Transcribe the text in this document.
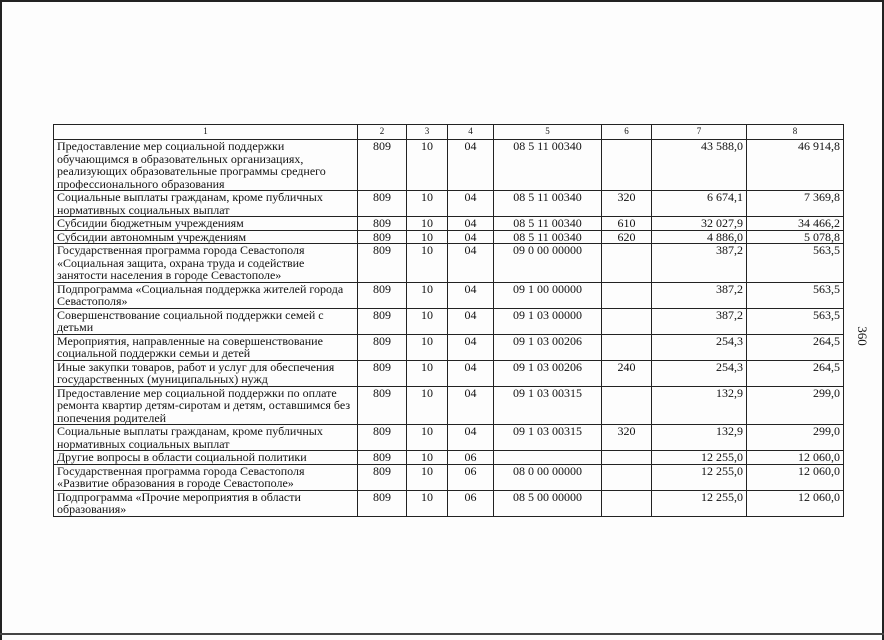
1	2	3	4	5	6	7	8
Предоставление мер социальной поддержки обучающимся в образовательных организациях, реализующих образовательные программы среднего профессионального образования	809	10	04	08 5 11 00340		43 588,0	46 914,8
Социальные выплаты гражданам, кроме публичных нормативных социальных выплат	809	10	04	08 5 11 00340	320	6 674,1	7 369,8
Субсидии бюджетным учреждениям	809	10	04	08 5 11 00340	610	32 027,9	34 466,2
Субсидии автономным учреждениям	809	10	04	08 5 11 00340	620	4 886,0	5 078,8
Государственная программа города Севастополя «Социальная защита, охрана труда и содействие занятости населения в городе Севастополе»	809	10	04	09 0 00 00000		387,2	563,5
Подпрограмма «Социальная поддержка жителей города Севастополя»	809	10	04	09 1 00 00000		387,2	563,5
Совершенствование социальной поддержки семей с детьми	809	10	04	09 1 03 00000		387,2	563,5
Мероприятия, направленные на совершенствование социальной поддержки семьи и детей	809	10	04	09 1 03 00206		254,3	264,5
Иные закупки товаров, работ и услуг для обеспечения государственных (муниципальных) нужд	809	10	04	09 1 03 00206	240	254,3	264,5
Предоставление мер социальной поддержки по оплате ремонта квартир детям-сиротам и детям, оставшимся без попечения родителей	809	10	04	09 1 03 00315		132,9	299,0
Социальные выплаты гражданам, кроме публичных нормативных социальных выплат	809	10	04	09 1 03 00315	320	132,9	299,0
Другие вопросы в области социальной политики	809	10	06			12 255,0	12 060,0
Государственная программа города Севастополя «Развитие образования в городе Севастополе»	809	10	06	08 0 00 00000		12 255,0	12 060,0
Подпрограмма «Прочие мероприятия в области образования»	809	10	06	08 5 00 00000		12 255,0	12 060,0
360
